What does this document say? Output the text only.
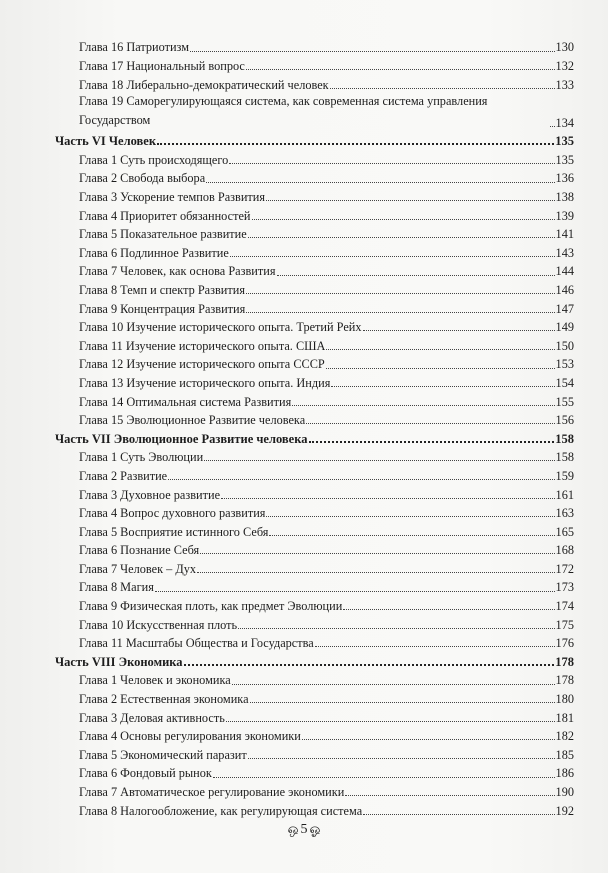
Глава 16 Патриотизм	130
Глава 17 Национальный вопрос	132
Глава 18 Либерально-демократический человек	133
Глава 19 Саморегулирующаяся система, как современная система управления Государством	134
Часть VI Человек	135
Глава 1 Суть происходящего	135
Глава 2 Свобода выбора	136
Глава 3 Ускорение темпов Развития	138
Глава 4 Приоритет обязанностей	139
Глава 5 Показательное развитие	141
Глава 6 Подлинное Развитие	143
Глава 7 Человек, как основа Развития	144
Глава 8 Темп и спектр Развития	146
Глава 9 Концентрация Развития	147
Глава 10 Изучение исторического опыта. Третий Рейх	149
Глава 11 Изучение исторического опыта. США	150
Глава 12 Изучение исторического опыта СССР	153
Глава 13 Изучение исторического опыта. Индия	154
Глава 14 Оптимальная система Развития	155
Глава 15 Эволюционное Развитие человека	156
Часть VII Эволюционное Развитие человека	158
Глава 1 Суть Эволюции	158
Глава 2 Развитие	159
Глава 3 Духовное развитие	161
Глава 4 Вопрос духовного развития	163
Глава 5 Восприятие истинного Себя	165
Глава 6 Познание Себя	168
Глава 7 Человек – Дух	172
Глава 8 Магия	173
Глава 9 Физическая плоть, как предмет Эволюции	174
Глава 10 Искусственная плоть	175
Глава 11 Масштабы Общества и Государства	176
Часть VIII Экономика	178
Глава 1 Человек и экономика	178
Глава 2 Естественная экономика	180
Глава 3 Деловая активность	181
Глава 4 Основы регулирования экономики	182
Глава 5 Экономический паразит	185
Глава 6 Фондовый рынок	186
Глава 7 Автоматическое регулирование экономики	190
Глава 8 Налогообложение, как регулирующая система	192
ஒ 5 ஓ
